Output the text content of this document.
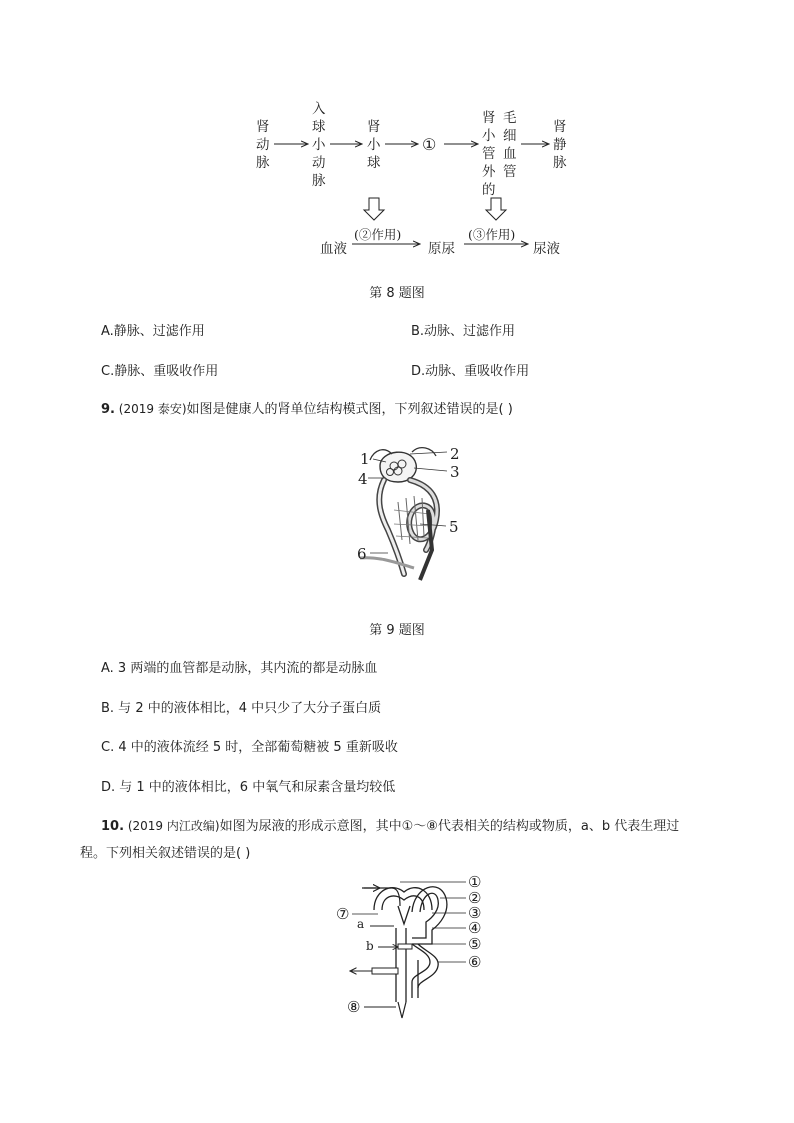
肾
动
脉
入
球
小
动
脉
肾
小
球
①
肾
小
管
外
的
毛
细
血
管
肾
静
脉
血液	原尿	尿液
(②作用)	(③作用)
第 8 题图
A.静脉、过滤作用	B.动脉、过滤作用
C.静脉、重吸收作用	D.动脉、重吸收作用
9. (2019 泰安)如图是健康人的肾单位结构模式图，下列叙述错误的是( )
1	2
3
4
5
6
第 9 题图
A. 3 两端的血管都是动脉，其内流的都是动脉血
B. 与 2 中的液体相比，4 中只少了大分子蛋白质
C. 4 中的液体流经 5 时，全部葡萄糖被 5 重新吸收
D. 与 1 中的液体相比，6 中氧气和尿素含量均较低
10. (2019 内江改编)如图为尿液的形成示意图，其中①～⑧代表相关的结构或物质，a、b 代表生理过
程。下列相关叙述错误的是( )
①
②
③
④
⑤
⑥
⑦
⑧
a
b
